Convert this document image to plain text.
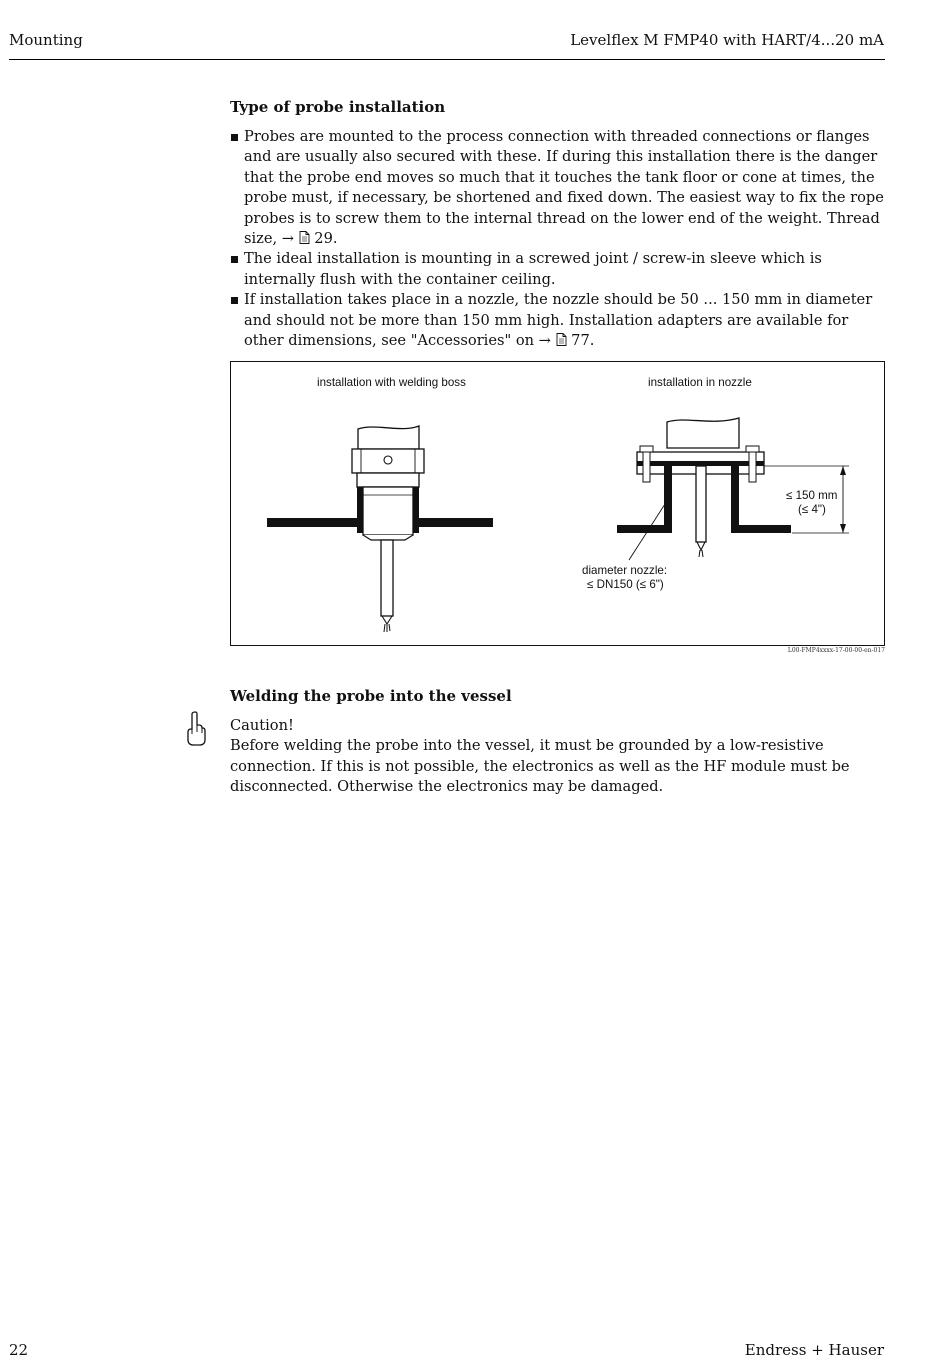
Mounting	Levelflex M FMP40 with HART/4...20 mA
Type of probe installation
Probes are mounted to the process connection with threaded connections or flanges and are usually also secured with these. If during this installation there is the danger that the probe end moves so much that it touches the tank floor or cone at times, the probe must, if necessary, be shortened and fixed down. The easiest way to fix the rope probes is to screw them to the internal thread on the lower end of the weight. Thread size, → 29.
The ideal installation is mounting in a screwed joint / screw-in sleeve which is internally flush with the container ceiling.
If installation takes place in a nozzle, the nozzle should be 50 ... 150 mm in diameter and should not be more than 150 mm high. Installation adapters are available for other dimensions, see "Accessories" on → 77.
installation with welding boss	installation in nozzle
≤ 150 mm
(≤ 4")
diameter nozzle:
≤ DN150 (≤ 6")
L00-FMP4xxxx-17-00-00-en-017
Welding the probe into the vessel
Caution!
Before welding the probe into the vessel, it must be grounded by a low-resistive connection. If this is not possible, the electronics as well as the HF module must be disconnected. Otherwise the electronics may be damaged.
22	Endress + Hauser
